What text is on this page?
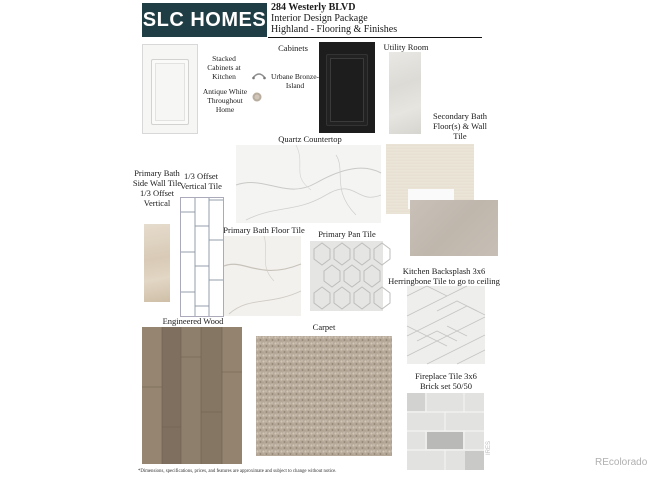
SLC HOMES
284 Westerly BLVD
Interior Design Package
Highland - Flooring & Finishes
Cabinets
Stacked Cabinets at Kitchen
Antique White Throughout Home
Urbane Bronze- Island
Utility Room
Secondary Bath Floor(s) & Wall Tile
Quartz Countertop
Primary Bath Side Wall Tile 1/3 Offset Vertical
1/3 Offset Vertical Tile
Primary Bath Floor Tile	Primary Pan Tile
Kitchen Backsplash 3x6 Herringbone Tile to go to ceiling
Engineered Wood
Carpet
Fireplace Tile 3x6
Brick set 50/50
*Dimensions, specifications, prices, and features are approximate and subject to change without notice.
IRES
REcolorado
